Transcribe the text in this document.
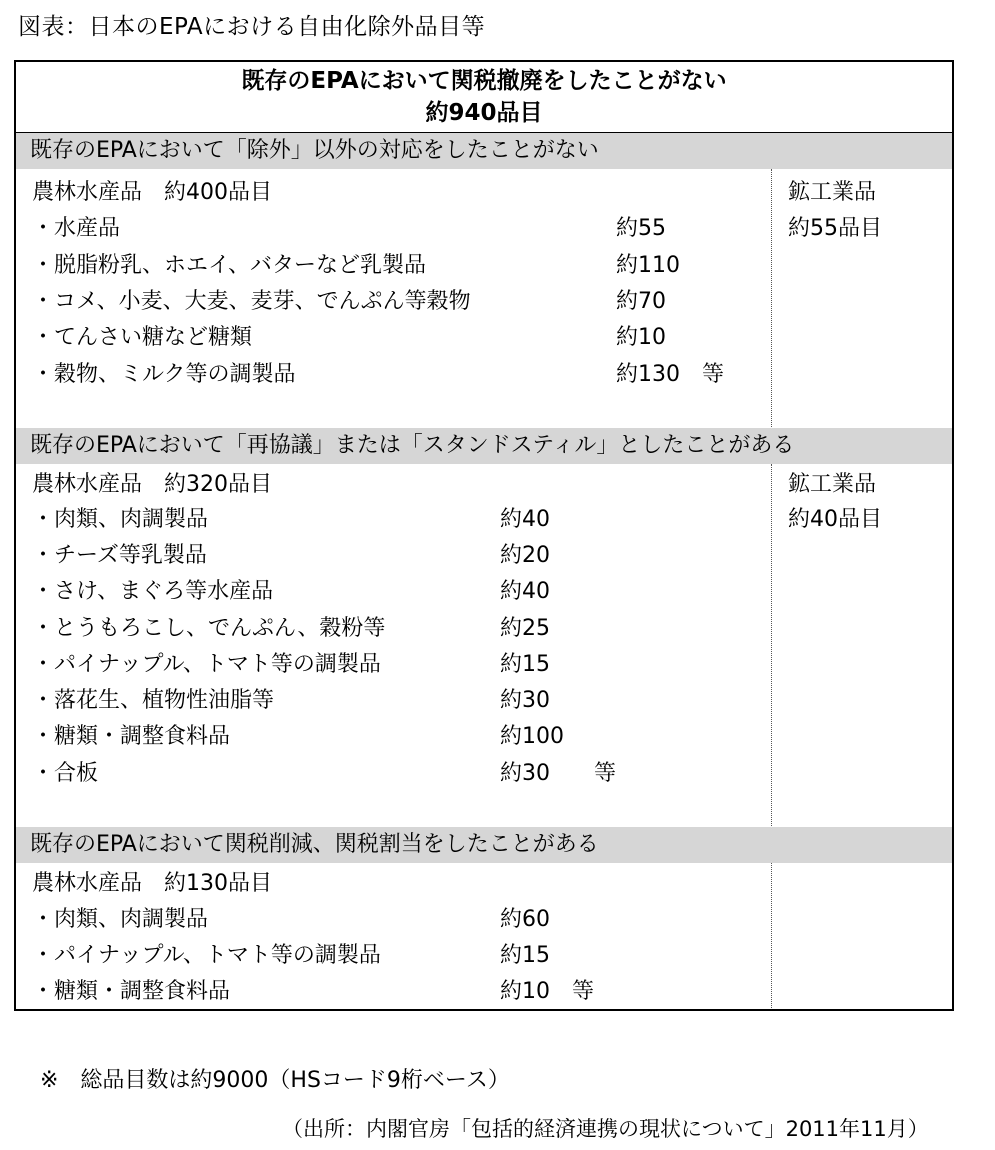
図表：日本のEPAにおける自由化除外品目等
既存のEPAにおいて関税撤廃をしたことがない
約940品目
既存のEPAにおいて「除外」以外の対応をしたことがない
農林水産品　約400品目
・水産品	約55
・脱脂粉乳、ホエイ、バターなど乳製品	約110
・コメ、小麦、大麦、麦芽、でんぷん等穀物	約70
・てんさい糖など糖類	約10
・穀物、ミルク等の調製品	約130　等
鉱工業品
約55品目
既存のEPAにおいて「再協議」または「スタンドスティル」としたことがある
農林水産品　約320品目
・肉類、肉調製品	約40
・チーズ等乳製品	約20
・さけ、まぐろ等水産品	約40
・とうもろこし、でんぷん、穀粉等	約25
・パイナップル、トマト等の調製品	約15
・落花生、植物性油脂等	約30
・糖類・調整食料品	約100
・合板	約30　　等
鉱工業品
約40品目
既存のEPAにおいて関税削減、関税割当をしたことがある
農林水産品　約130品目
・肉類、肉調製品	約60
・パイナップル、トマト等の調製品	約15
・糖類・調整食料品	約10　等
※　総品目数は約9000（HSコード9桁ベース）
（出所：内閣官房「包括的経済連携の現状について」2011年11月）
